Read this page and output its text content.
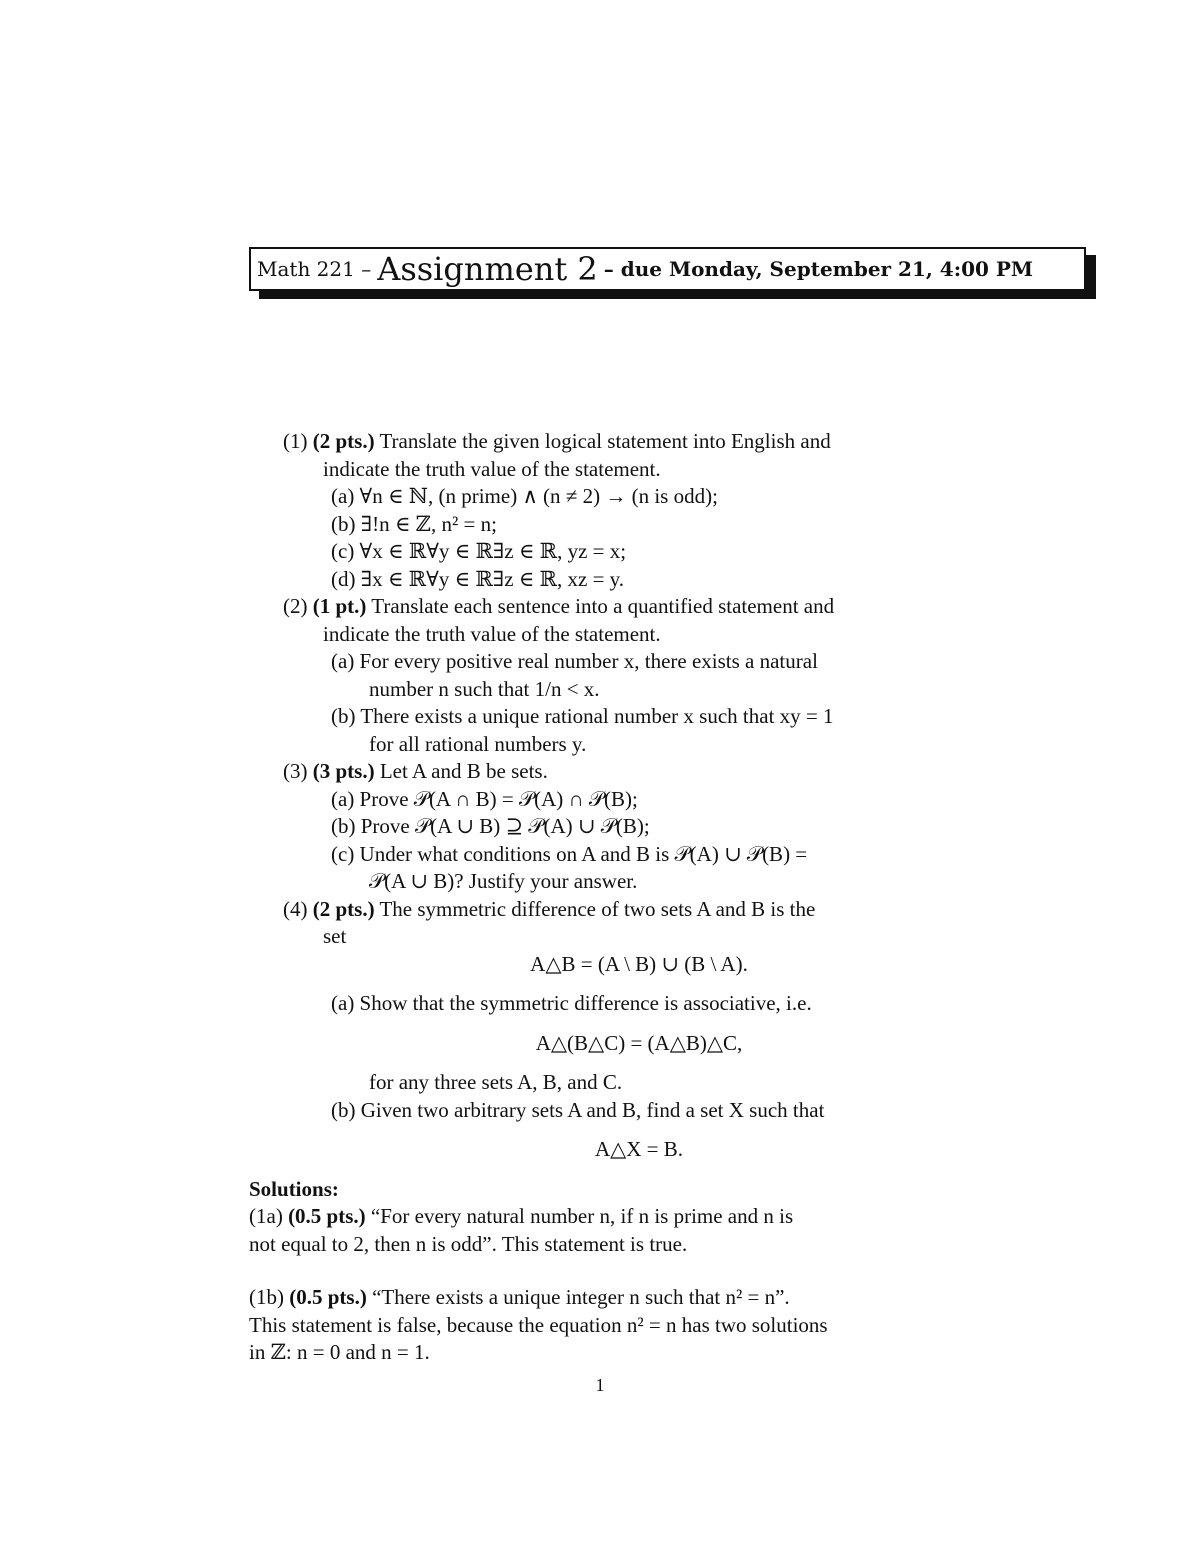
Math 221 – Assignment 2 – due Monday, September 21, 4:00 PM
(1) (2 pts.) Translate the given logical statement into English and
indicate the truth value of the statement.
(a) ∀n ∈ ℕ, (n prime) ∧ (n ≠ 2) → (n is odd);
(b) ∃!n ∈ ℤ, n² = n;
(c) ∀x ∈ ℝ∀y ∈ ℝ∃z ∈ ℝ, yz = x;
(d) ∃x ∈ ℝ∀y ∈ ℝ∃z ∈ ℝ, xz = y.
(2) (1 pt.) Translate each sentence into a quantified statement and
indicate the truth value of the statement.
(a) For every positive real number x, there exists a natural
number n such that 1/n < x.
(b) There exists a unique rational number x such that xy = 1
for all rational numbers y.
(3) (3 pts.) Let A and B be sets.
(a) Prove 𝒫(A ∩ B) = 𝒫(A) ∩ 𝒫(B);
(b) Prove 𝒫(A ∪ B) ⊇ 𝒫(A) ∪ 𝒫(B);
(c) Under what conditions on A and B is 𝒫(A) ∪ 𝒫(B) =
𝒫(A ∪ B)? Justify your answer.
(4) (2 pts.) The symmetric difference of two sets A and B is the
set
A△B = (A \ B) ∪ (B \ A).
(a) Show that the symmetric difference is associative, i.e.
A△(B△C) = (A△B)△C,
for any three sets A, B, and C.
(b) Given two arbitrary sets A and B, find a set X such that
A△X = B.
Solutions:
(1a) (0.5 pts.) “For every natural number n, if n is prime and n is
not equal to 2, then n is odd”. This statement is true.
(1b) (0.5 pts.) “There exists a unique integer n such that n² = n”.
This statement is false, because the equation n² = n has two solutions
in ℤ: n = 0 and n = 1.
1
